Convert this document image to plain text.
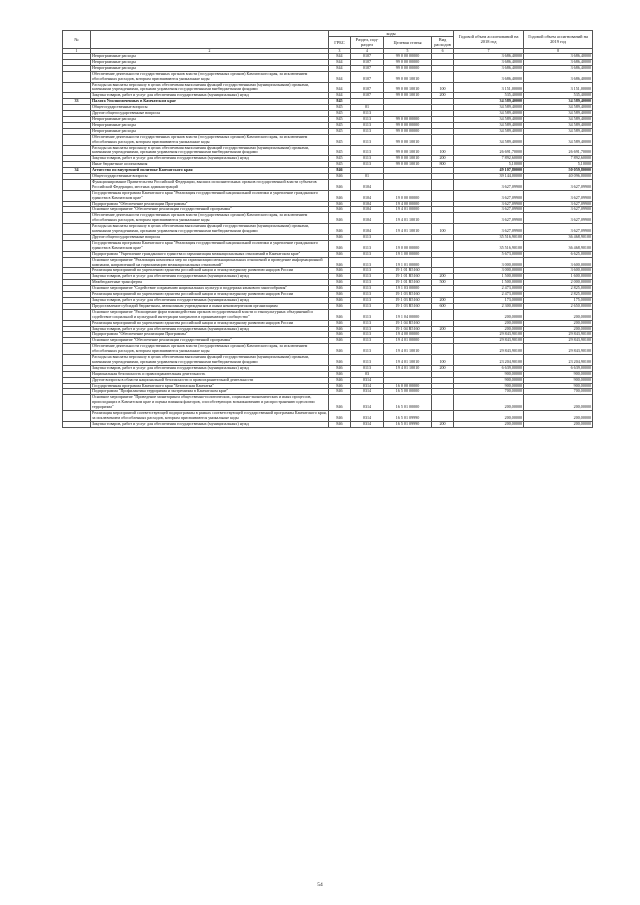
№		коды				Годовой объем ассигнований на 2018 год	Годовой объем ассигнований на 2019 год
		ГРБС	Раздел, под-раздел	Целевая статья	Вид расходов		
1	2	3	4	5	6	7	8
	Непрограммные расходы	844	0107	99 0 00 00000		3 686,40000	3 686,40000
	Непрограммные расходы	844	0107	99 0 00 00000		3 686,40000	3 686,40000
	Непрограммные расходы	844	0107	99 0 00 00000		3 686,40000	3 686,40000
	Обеспечение деятельности государственных органов власти (государственных органов) Камчатского края, за исключением обособленных расходов, которым присваиваются уникальные коды	844	0107	99 0 00 10010		3 686,40000	3 686,40000
	Расходы на выплаты персоналу в целях обеспечения выполнения функций государственными (муниципальными) органами, казенными учреждениями, органами управления государственными внебюджетными фондами	844	0107	99 0 00 10010	100	3 151,00000	3 151,00000
	Закупка товаров, работ и услуг для обеспечения государственных (муниципальных) нужд	844	0107	99 0 00 10010	200	535,40000	535,40000
33	Палата Уполномоченных в Камчатском крае	845				34 589,40000	34 589,40000
	Общегосударственные вопросы	845	01			34 589,40000	34 589,40000
	Другие общегосударственные вопросы	845	0113			34 589,40000	34 589,40000
	Непрограммные расходы	845	0113	99 0 00 00000		34 589,40000	34 589,40000
	Непрограммные расходы	845	0113	99 0 00 00000		34 589,40000	34 589,40000
	Непрограммные расходы	845	0113	99 0 00 00000		34 589,40000	34 589,40000
	Обеспечение деятельности государственных органов власти (государственных органов) Камчатского края, за исключением обособленных расходов, которым присваиваются уникальные коды	845	0113	99 0 00 10010		34 589,40000	34 589,40000
	Расходы на выплаты персоналу в целях обеспечения выполнения функций государственными (муниципальными) органами, казенными учреждениями, органами управления государственными внебюджетными фондами	845	0113	99 0 00 10010	100	26 691,70000	26 691,70000
	Закупка товаров, работ и услуг для обеспечения государственных (муниципальных) нужд	845	0113	99 0 00 10010	200	7 892,60000	7 892,60000
	Иные бюджетные ассигнования	845	0113	99 0 00 10010	800	5,10000	5,10000
34	Агентство по внутренней политике Камчатского края	846				49 107,80000	50 059,80000
	Общегосударственные вопросы	846	01			39 144,00000	40 096,00000
	Функционирование Правительства Российской Федерации, высших исполнительных органов государственной власти субъектов Российской Федерации, местных администраций	846	0104			3 627,09900	3 627,09900
	Государственная программа Камчатского края "Реализация государственной национальной политики и укрепление гражданского единства в Камчатском крае"	846	0104	19 0 00 00000		3 627,09900	3 627,09900
	Подпрограмма "Обеспечение реализации Программы"	846	0104	19 4 00 00000		3 627,09900	3 627,09900
	Основное мероприятие "Обеспечение реализации государственной программы"	846	0104	19 4 01 00000		3 627,09900	3 627,09900
	Обеспечение деятельности государственных органов власти (государственных органов) Камчатского края, за исключением обособленных расходов, которым присваиваются уникальные коды	846	0104	19 4 01 10010		3 627,09900	3 627,09900
	Расходы на выплаты персоналу в целях обеспечения выполнения функций государственными (муниципальными) органами, казенными учреждениями, органами управления государственными внебюджетными фондами	846	0104	19 4 01 10010	100	3 627,09900	3 627,09900
	Другие общегосударственные вопросы	846	0113			35 516,90100	36 468,90100
	Государственная программа Камчатского края "Реализация государственной национальной политики и укрепление гражданского единства в Камчатском крае"	846	0113	19 0 00 00000		35 516,90100	36 468,90100
	Подпрограмма "Укрепление гражданского единства и гармонизация межнациональных отношений в Камчатском крае"	846	0113	19 1 00 00000		5 673,00000	6 625,00000
	Основное мероприятие "Реализация комплекса мер по гармонизации межнациональных отношений и проведение информационной кампании, направленной на гармонизацию межнациональных отношений"	846	0113	19 1 01 00000		3 000,00000	3 600,00000
	Реализация мероприятий по укреплению единства российской нации и этнокультурному развитию народов России	846	0113	19 1 01 R5160		3 000,00000	3 600,00000
	Закупка товаров, работ и услуг для обеспечения государственных (муниципальных) нужд	846	0113	19 1 01 R5160	200	1 500,00000	1 600,00000
	Межбюджетные трансферты	846	0113	19 1 01 R5160	500	1 500,00000	2 000,00000
	Основное мероприятие "Содействие сохранению национальных культур и поддержка языкового многообразия"	846	0113	19 1 03 00000		2 473,00000	2 825,00000
	Реализация мероприятий по укреплению единства российской нации и этнокультурному развитию народов России	846	0113	19 1 03 R5160		2 473,00000	2 825,00000
	Закупка товаров, работ и услуг для обеспечения государственных (муниципальных) нужд	846	0113	19 1 03 R5160	200	173,00000	175,00000
	Предоставление субсидий бюджетным, автономным учреждениям и иным некоммерческим организациям	846	0113	19 1 03 R5160	600	2 300,00000	2 650,00000
	Основное мероприятие "Расширение форм взаимодействия органов государственной власти и этнокультурных объединений и содействие социальной и культурной интеграции мигрантов в принимающее сообщество"	846	0113	19 1 04 00000		200,00000	200,00000
	Реализация мероприятий по укреплению единства российской нации и этнокультурному развитию народов России	846	0113	19 1 04 R5160		200,00000	200,00000
	Закупка товаров, работ и услуг для обеспечения государственных (муниципальных) нужд	846	0113	19 1 04 R5160	200	200,00000	200,00000
	Подпрограмма "Обеспечение реализации Программы"	846	0113	19 4 00 00000		29 843,90100	29 843,90100
	Основное мероприятие "Обеспечение реализации государственной программы"	846	0113	19 4 01 00000		29 843,90100	29 843,90100
	Обеспечение деятельности государственных органов власти (государственных органов) Камчатского края, за исключением обособленных расходов, которым присваиваются уникальные коды	846	0113	19 4 01 10010		29 843,90100	29 843,90100
	Расходы на выплаты персоналу в целях обеспечения выполнения функций государственными (муниципальными) органами, казенными учреждениями, органами управления государственными внебюджетными фондами	846	0113	19 4 01 10010	100	23 204,90100	23 204,90100
	Закупка товаров, работ и услуг для обеспечения государственных (муниципальных) нужд	846	0113	19 4 01 10010	200	6 639,00000	6 639,00000
	Национальная безопасность и правоохранительная деятельность	846	03			900,00000	900,00000
	Другие вопросы в области национальной безопасности и правоохранительной деятельности	846	0314			900,00000	900,00000
	Государственная программа Камчатского края "Безопасная Камчатка"	846	0314	16 0 00 00000		900,00000	900,00000
	Подпрограмма "Профилактика терроризма и экстремизма в Камчатском крае"	846	0314	16 5 00 00000		700,00000	700,00000
	Основное мероприятие "Проведение мониторинга общественно-политических, социально-экономических и иных процессов, происходящих в Камчатском крае и оценка влияния факторов, способствующих возникновению и распространению идеологии терроризма"	846	0314	16 5 01 00000		200,00000	200,00000
	Реализация мероприятий соответствующей подпрограммы в рамках соответствующей государственной программы Камчатского края, за исключением обособленных расходов, которым присваиваются уникальные коды	846	0314	16 5 01 09990		200,00000	200,00000
	Закупка товаров, работ и услуг для обеспечения государственных (муниципальных) нужд	846	0314	16 5 01 09990	200	200,00000	200,00000
54
